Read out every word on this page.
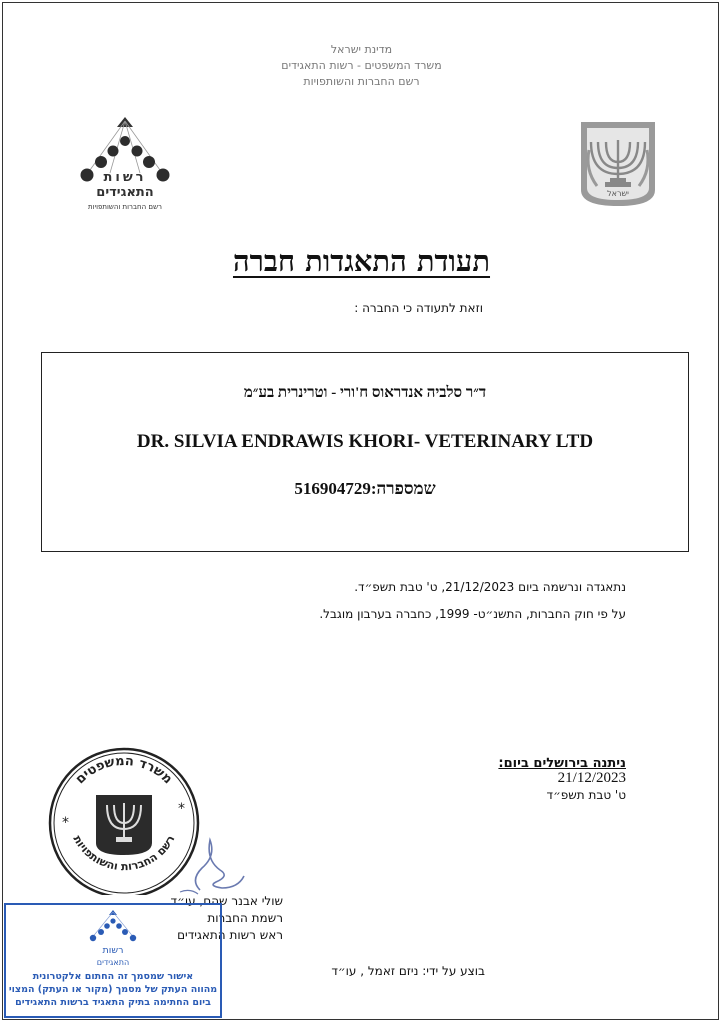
מדינת ישראל
משרד המשפטים - רשות התאגידים
רשם החברות והשותפויות
רשות
התאגידים
רשם החברות והשותפויות
ישראל
תעודת התאגדות חברה
וזאת לתעודה כי החברה :
ד״ר סלביה אנדראוס ח'ורי - וטרינרית בע״מ
DR. SILVIA ENDRAWIS KHORI- VETERINARY LTD
שמספרה:516904729
נתאגדה ונרשמה ביום 21/12/2023, ט' טבת תשפ״ד.
על פי חוק החברות, התשנ״ט- 1999, כחברה בערבון מוגבל.
ניתנה בירושלים ביום:
21/12/2023
ט' טבת תשפ״ד
משרד המשפטים
רשם החברות והשותפויות
*
*
שולי אבנר שהם, עו״ד
רשמת החברות
ראש רשות התאגידים
בוצע על ידי: ניזם זאמל , עו״ד
רשות
התאגידים
אישור שמסמך זה החתום אלקטרונית
מהווה העתק של מסמך (מקור או העתק) המצוי
ביום החתימה בתיק התאגיד ברשות התאגידים
